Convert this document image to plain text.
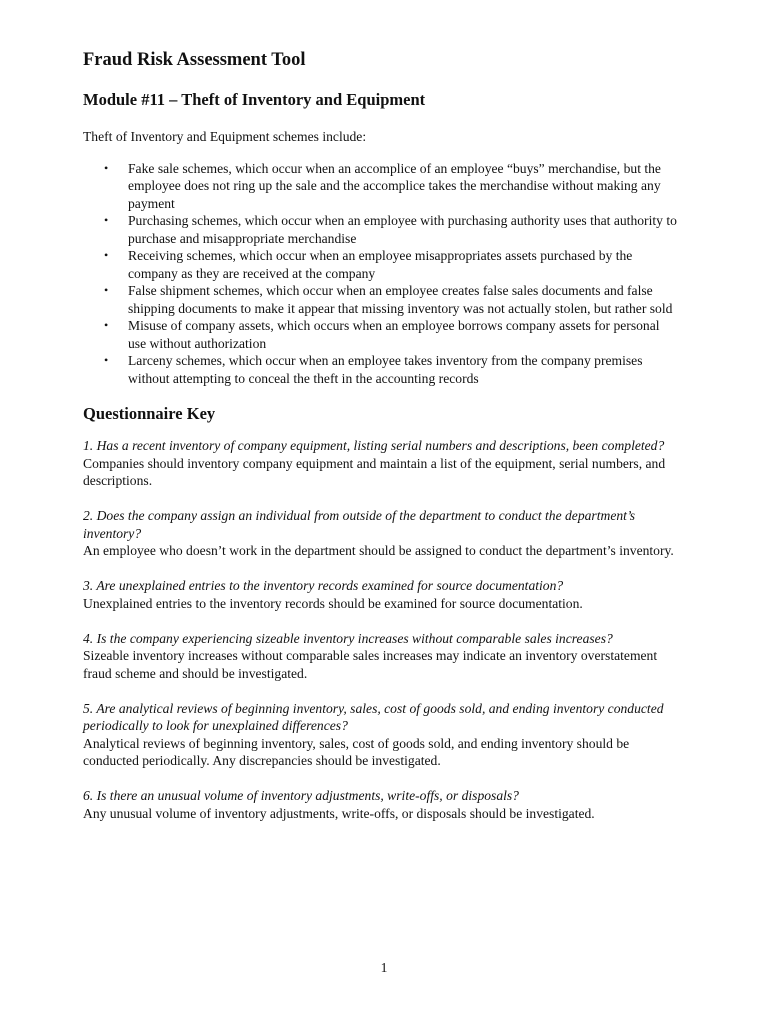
Fraud Risk Assessment Tool
Module #11 – Theft of Inventory and Equipment

Theft of Inventory and Equipment schemes include:

• Fake sale schemes, which occur when an accomplice of an employee “buys” merchandise, but the employee does not ring up the sale and the accomplice takes the merchandise without making any payment
• Purchasing schemes, which occur when an employee with purchasing authority uses that authority to purchase and misappropriate merchandise
• Receiving schemes, which occur when an employee misappropriates assets purchased by the company as they are received at the company
• False shipment schemes, which occur when an employee creates false sales documents and false shipping documents to make it appear that missing inventory was not actually stolen, but rather sold
• Misuse of company assets, which occurs when an employee borrows company assets for personal use without authorization
• Larceny schemes, which occur when an employee takes inventory from the company premises without attempting to conceal the theft in the accounting records
Questionnaire Key
1. Has a recent inventory of company equipment, listing serial numbers and descriptions, been completed?
Companies should inventory company equipment and maintain a list of the equipment, serial numbers, and descriptions.
2. Does the company assign an individual from outside of the department to conduct the department’s inventory?
An employee who doesn’t work in the department should be assigned to conduct the department’s inventory.
3. Are unexplained entries to the inventory records examined for source documentation?
Unexplained entries to the inventory records should be examined for source documentation.
4. Is the company experiencing sizeable inventory increases without comparable sales increases?
Sizeable inventory increases without comparable sales increases may indicate an inventory overstatement fraud scheme and should be investigated.
5. Are analytical reviews of beginning inventory, sales, cost of goods sold, and ending inventory conducted periodically to look for unexplained differences?
Analytical reviews of beginning inventory, sales, cost of goods sold, and ending inventory should be conducted periodically. Any discrepancies should be investigated.
6. Is there an unusual volume of inventory adjustments, write-offs, or disposals?
Any unusual volume of inventory adjustments, write-offs, or disposals should be investigated.
1
